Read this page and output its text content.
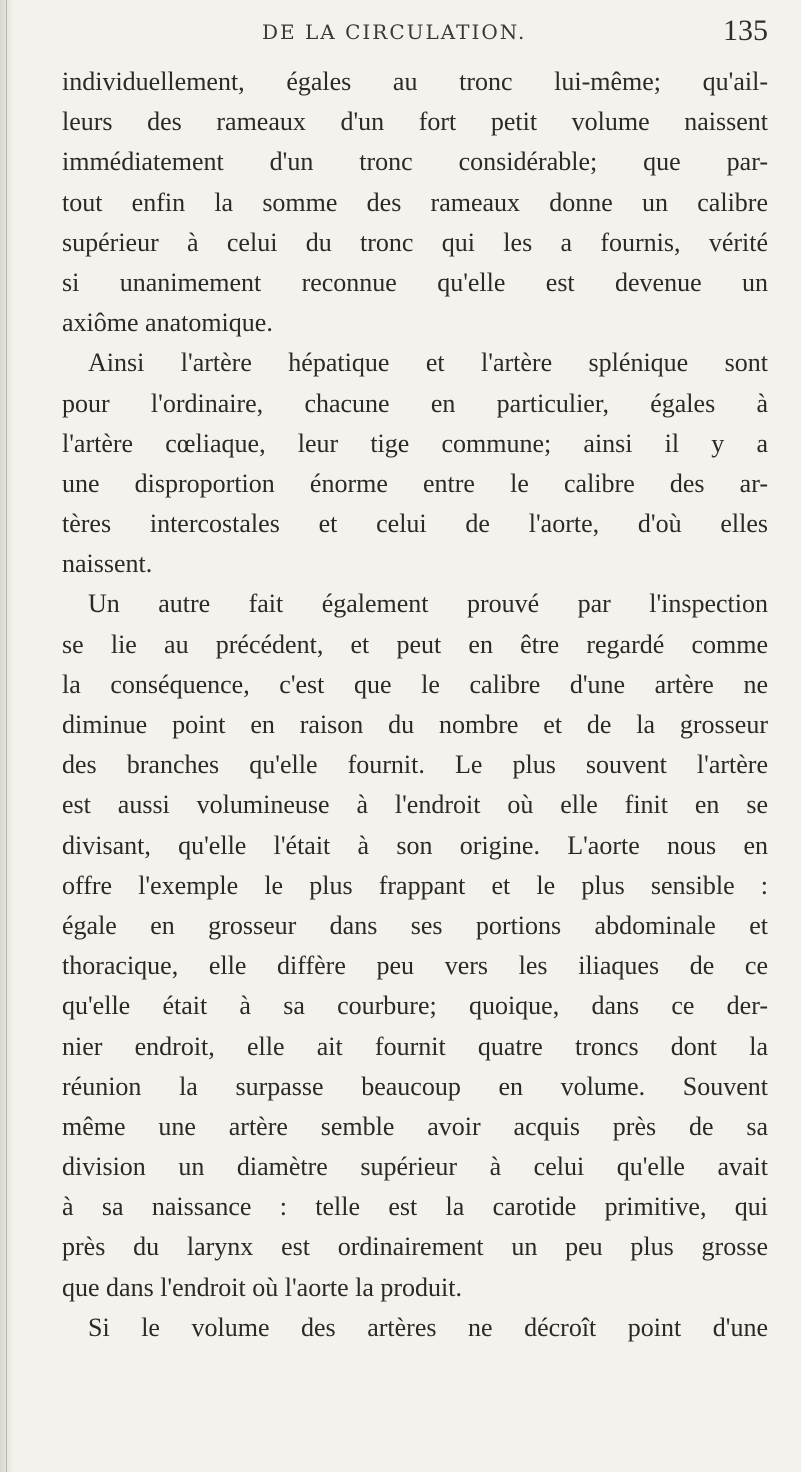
DE LA CIRCULATION.	135
individuellement, égales au tronc lui-même; qu'ail-
leurs des rameaux d'un fort petit volume naissent
immédiatement d'un tronc considérable; que par-
tout enfin la somme des rameaux donne un calibre
supérieur à celui du tronc qui les a fournis, vérité
si unanimement reconnue qu'elle est devenue un
axiôme anatomique.
Ainsi l'artère hépatique et l'artère splénique sont
pour l'ordinaire, chacune en particulier, égales à
l'artère cœliaque, leur tige commune; ainsi il y a
une disproportion énorme entre le calibre des ar-
tères intercostales et celui de l'aorte, d'où elles
naissent.
Un autre fait également prouvé par l'inspection
se lie au précédent, et peut en être regardé comme
la conséquence, c'est que le calibre d'une artère ne
diminue point en raison du nombre et de la grosseur
des branches qu'elle fournit. Le plus souvent l'artère
est aussi volumineuse à l'endroit où elle finit en se
divisant, qu'elle l'était à son origine. L'aorte nous en
offre l'exemple le plus frappant et le plus sensible :
égale en grosseur dans ses portions abdominale et
thoracique, elle diffère peu vers les iliaques de ce
qu'elle était à sa courbure; quoique, dans ce der-
nier endroit, elle ait fournit quatre troncs dont la
réunion la surpasse beaucoup en volume. Souvent
même une artère semble avoir acquis près de sa
division un diamètre supérieur à celui qu'elle avait
à sa naissance : telle est la carotide primitive, qui
près du larynx est ordinairement un peu plus grosse
que dans l'endroit où l'aorte la produit.
Si le volume des artères ne décroît point d'une
